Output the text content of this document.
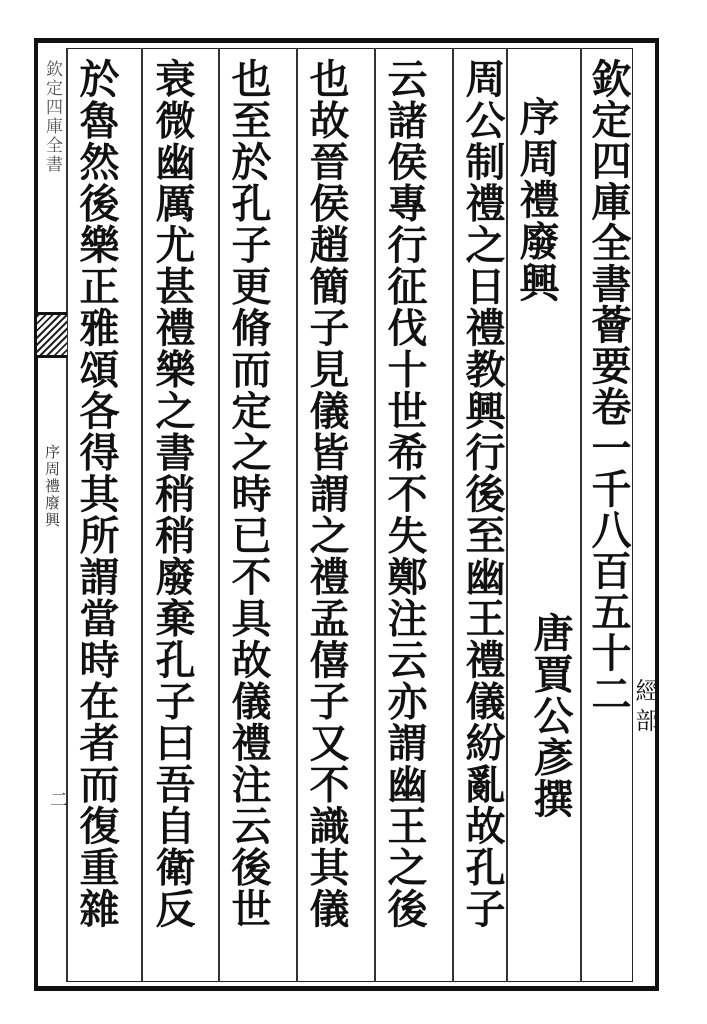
欽定四庫全書
序周禮廢興
二
欽定四庫全書薈要卷一千八百五十二 經部
序周禮廢興
唐賈公彥撰
周公制禮之日禮教興行後至幽王禮儀紛亂故孔子
云諸侯專行征伐十世希不失鄭注云亦謂幽王之後
也故晉侯趙簡子見儀皆謂之禮孟僖子又不識其儀
也至於孔子更脩而定之時已不具故儀禮注云後世
衰微幽厲尤甚禮樂之書稍稍廢棄孔子曰吾自衛反
於魯然後樂正雅頌各得其所謂當時在者而復重雜
